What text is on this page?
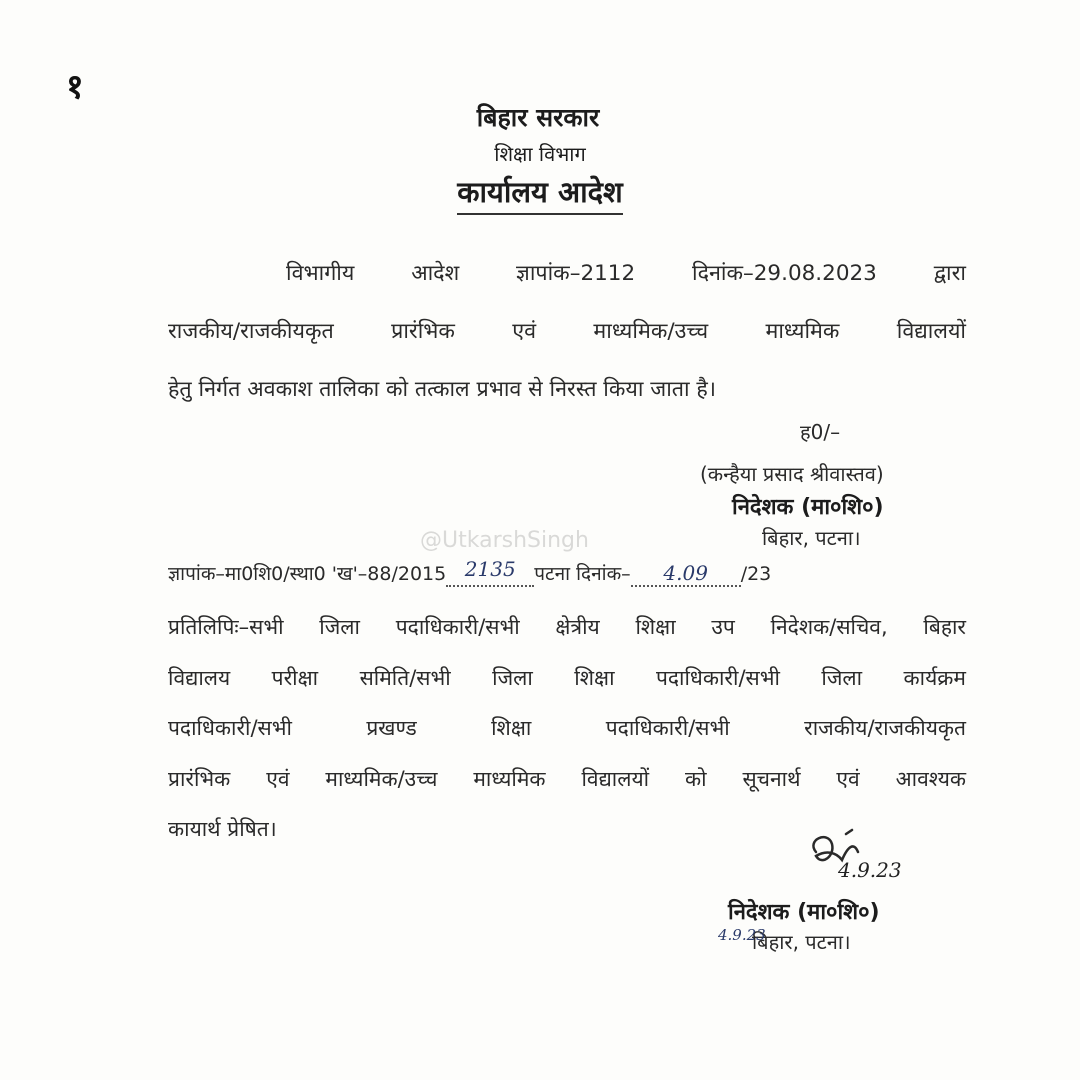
१
बिहार सरकार
शिक्षा विभाग
कार्यालय आदेश
विभागीय आदेश ज्ञापांक–2112 दिनांक–29.08.2023 द्वारा
राजकीय/राजकीयकृत प्रारंभिक एवं माध्यमिक/उच्च माध्यमिक विद्यालयों
हेतु निर्गत अवकाश तालिका को तत्काल प्रभाव से निरस्त किया जाता है।
ह0/–
(कन्हैया प्रसाद श्रीवास्तव)
निदेशक (मा०शि०)
बिहार, पटना।
@UtkarshSingh
ज्ञापांक–मा0शि0/स्था0 'ख'–88/2015 2135 पटना दिनांक– 4.09 /23
प्रतिलिपिः–सभी जिला पदाधिकारी/सभी क्षेत्रीय शिक्षा उप निदेशक/सचिव, बिहार
विद्यालय परीक्षा समिति/सभी जिला शिक्षा पदाधिकारी/सभी जिला कार्यक्रम
पदाधिकारी/सभी प्रखण्ड शिक्षा पदाधिकारी/सभी राजकीय/राजकीयकृत
प्रारंभिक एवं माध्यमिक/उच्च माध्यमिक विद्यालयों को सूचनार्थ एवं आवश्यक
कायार्थ प्रेषित।
4.9.23
निदेशक (मा०शि०)
बिहार, पटना।
4.9.23
